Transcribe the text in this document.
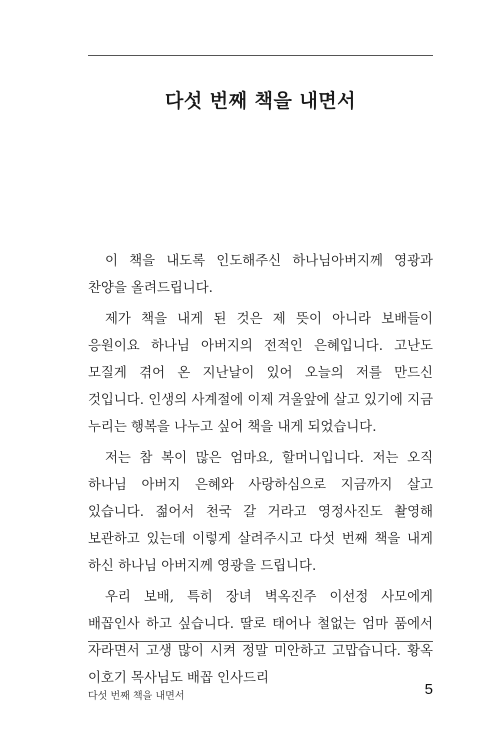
다섯 번째 책을 내면서

이 책을 내도록 인도해주신 하나님아버지께 영광과 찬양을 올려드립니다.

제가 책을 내게 된 것은 제 뜻이 아니라 보배들이 응원이요 하나님 아버지의 전적인 은혜입니다. 고난도 모질게 겪어 온 지난날이 있어 오늘의 저를 만드신 것입니다. 인생의 사계절에 이제 겨울앞에 살고 있기에 지금 누리는 행복을 나누고 싶어 책을 내게 되었습니다.

저는 참 복이 많은 엄마요, 할머니입니다. 저는 오직 하나님 아버지 은혜와 사랑하심으로 지금까지 살고 있습니다. 젊어서 천국 갈 거라고 영정사진도 촬영해 보관하고 있는데 이렇게 살려주시고 다섯 번째 책을 내게 하신 하나님 아버지께 영광을 드립니다.

우리 보배, 특히 장녀 벽옥진주 이선정 사모에게 배꼽인사 하고 싶습니다. 딸로 태어나 철없는 엄마 품에서 자라면서 고생 많이 시켜 정말 미안하고 고맙습니다. 황옥 이호기 목사님도 배꼽 인사드리

다섯 번째 책을 내면서	5
